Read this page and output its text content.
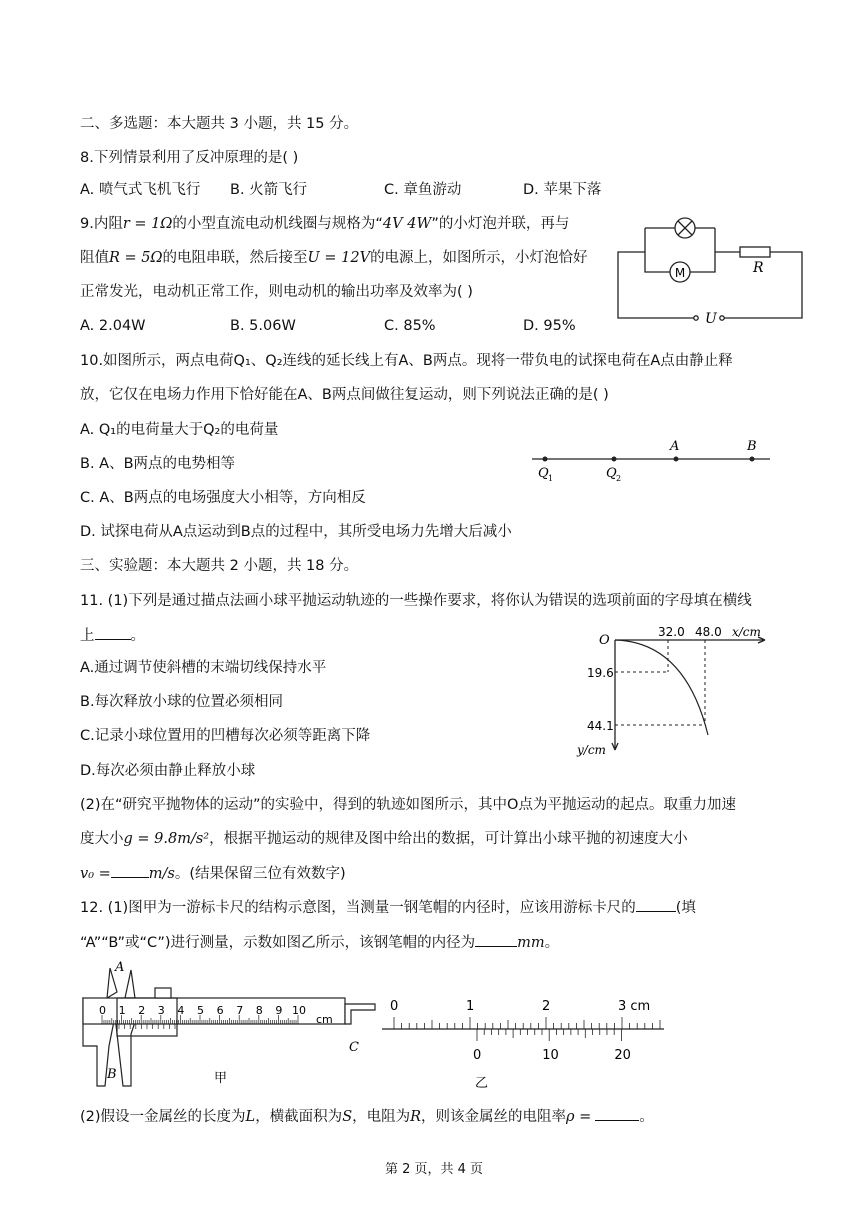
二、多选题：本大题共 3 小题，共 15 分。
8.下列情景利用了反冲原理的是( )
A. 喷气式飞机飞行 B. 火箭飞行	C. 章鱼游动	D. 苹果下落
9.内阻r = 1Ω的小型直流电动机线圈与规格为“4V 4W”的小灯泡并联，再与
阻值R = 5Ω的电阻串联，然后接至U = 12V的电源上，如图所示，小灯泡恰好
正常发光，电动机正常工作，则电动机的输出功率及效率为( )
A. 2.04W	B. 5.06W	C. 85%	D. 95%
M	R
U
10.如图所示，两点电荷Q₁、Q₂连线的延长线上有A、B两点。现将一带负电的试探电荷在A点由静止释
放，它仅在电场力作用下恰好能在A、B两点间做往复运动，则下列说法正确的是( )
A. Q₁的电荷量大于Q₂的电荷量
B. A、B两点的电势相等
C. A、B两点的电场强度大小相等，方向相反
D. 试探电荷从A点运动到B点的过程中，其所受电场力先增大后减小
Q 1	Q 2
A	B
三、实验题：本大题共 2 小题，共 18 分。
11. (1)下列是通过描点法画小球平抛运动轨迹的一些操作要求，将你认为错误的选项前面的字母填在横线
上 。
A.通过调节使斜槽的末端切线保持水平
B.每次释放小球的位置必须相同
C.记录小球位置用的凹槽每次必须等距离下降
D.每次必须由静止释放小球
(2)在“研究平抛物体的运动”的实验中，得到的轨迹如图所示，其中O点为平抛运动的起点。取重力加速
度大小g = 9.8m/s²，根据平抛运动的规律及图中给出的数据，可计算出小球平抛的初速度大小
v₀ =	m/s。(结果保留三位有效数字)
O
32.0 48.0 x/cm
19.6
44.1
y/cm
12. (1)图甲为一游标卡尺的结构示意图，当测量一钢笔帽的内径时，应该用游标卡尺的	(填
“A”“B”或“C”)进行测量，示数如图乙所示，该钢笔帽的内径为	mm。
0 1 2 3 4 5 6 7 8 9 10
cm
A
B
C
甲
0	1	2	3 cm
0	10	20
乙
(2)假设一金属丝的长度为L，横截面积为S，电阻为R，则该金属丝的电阻率ρ =	。
第 2 页，共 4 页
